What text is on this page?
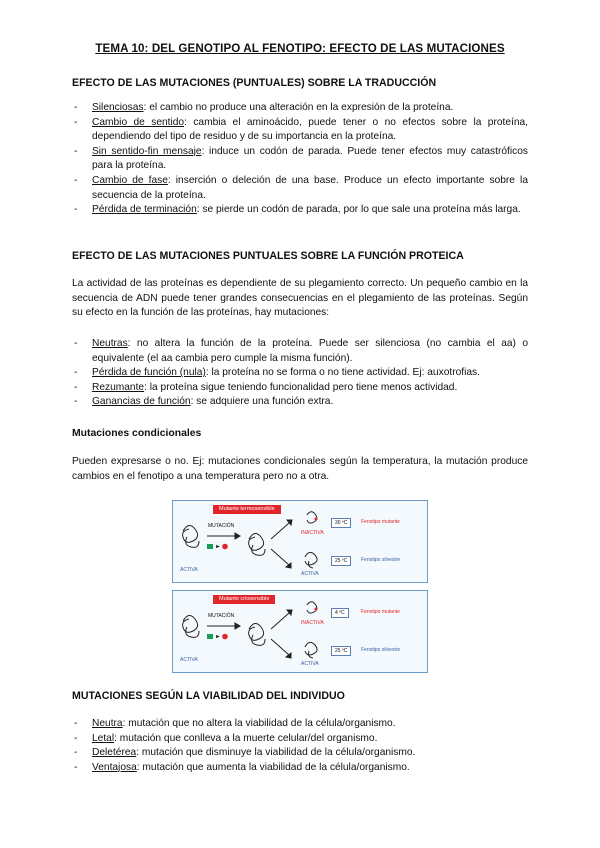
TEMA 10: DEL GENOTIPO AL FENOTIPO: EFECTO DE LAS MUTACIONES
EFECTO DE LAS MUTACIONES (PUNTUALES) SOBRE LA TRADUCCIÓN
- Silenciosas: el cambio no produce una alteración en la expresión de la proteína.
- Cambio de sentido: cambia el aminoácido, puede tener o no efectos sobre la proteína, dependiendo del tipo de residuo y de su importancia en la proteína.
- Sin sentido-fin mensaje: induce un codón de parada. Puede tener efectos muy catastróficos para la proteína.
- Cambio de fase: inserción o deleción de una base. Produce un efecto importante sobre la secuencia de la proteína.
- Pérdida de terminación: se pierde un codón de parada, por lo que sale una proteína más larga.
EFECTO DE LAS MUTACIONES PUNTUALES SOBRE LA FUNCIÓN PROTEICA

La actividad de las proteínas es dependiente de su plegamiento correcto. Un pequeño cambio en la secuencia de ADN puede tener grandes consecuencias en el plegamiento de las proteínas. Según su efecto en la función de las proteínas, hay mutaciones:

- Neutras: no altera la función de la proteína. Puede ser silenciosa (no cambia el aa) o equivalente (el aa cambia pero cumple la misma función).
- Pérdida de función (nula): la proteína no se forma o no tiene actividad. Ej: auxotrofias.
- Rezumante: la proteína sigue teniendo funcionalidad pero tiene menos actividad.
- Ganancias de función: se adquiere una función extra.
Mutaciones condicionales

Pueden expresarse o no. Ej: mutaciones condicionales según la temperatura, la mutación produce cambios en el fenotipo a una temperatura pero no a otra.

Mutante termosensible
MUTACIÓN
ACTIVA
INACTIVA
ACTIVA
30 ºC	Fenotipo mutante
25 ºC	Fenotipo silvestre
Mutante criosensible
MUTACIÓN
ACTIVA
INACTIVA
ACTIVA
4 ºC	Fenotipo mutante
25 ºC	Fenotipo silvestre
MUTACIONES SEGÚN LA VIABILIDAD DEL INDIVIDUO
- Neutra: mutación que no altera la viabilidad de la célula/organismo.
- Letal: mutación que conlleva a la muerte celular/del organismo.
- Deletérea: mutación que disminuye la viabilidad de la célula/organismo.
- Ventajosa: mutación que aumenta la viabilidad de la célula/organismo.
